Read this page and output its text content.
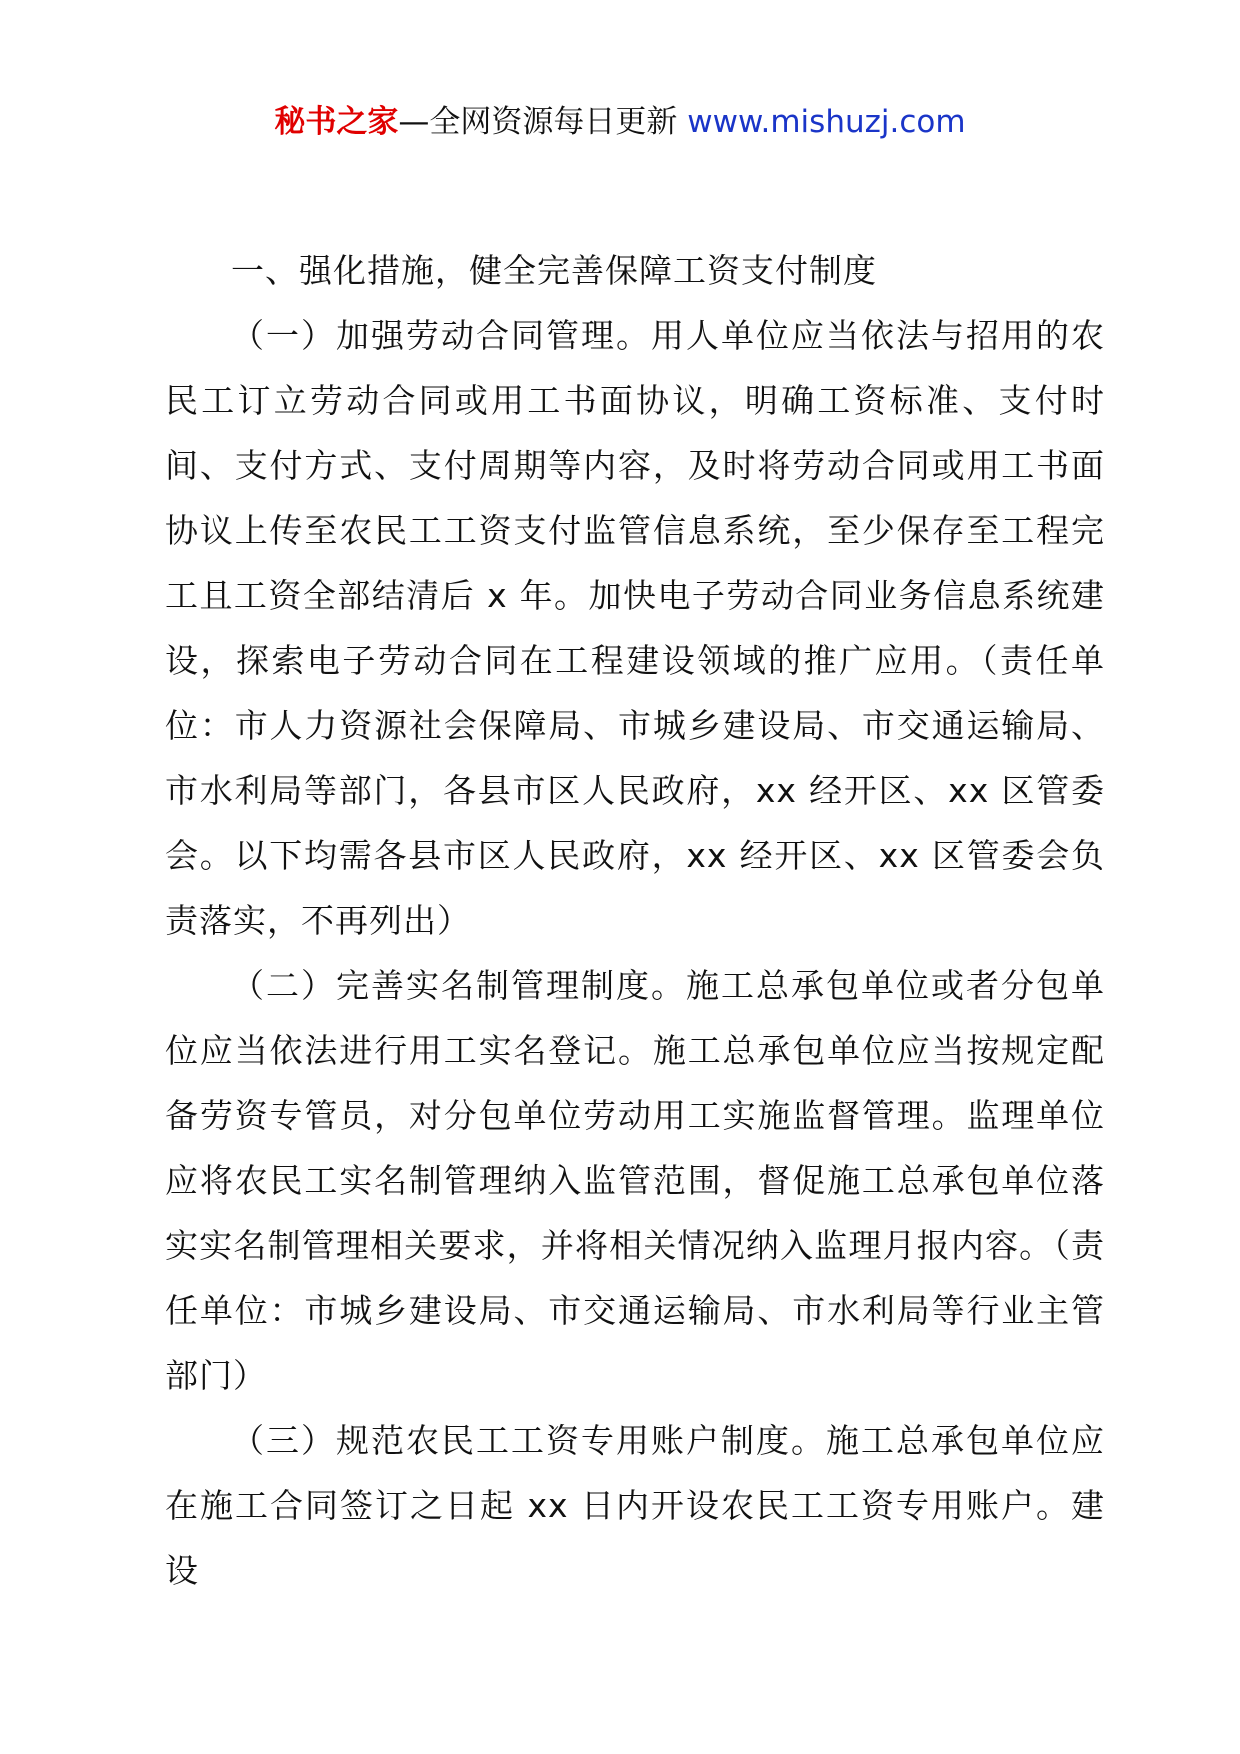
秘书之家—全网资源每日更新 www.mishuzj.com

一、强化措施，健全完善保障工资支付制度

（一）加强劳动合同管理。用人单位应当依法与招用的农民工订立劳动合同或用工书面协议，明确工资标准、支付时间、支付方式、支付周期等内容，及时将劳动合同或用工书面协议上传至农民工工资支付监管信息系统，至少保存至工程完工且工资全部结清后 x 年。加快电子劳动合同业务信息系统建设，探索电子劳动合同在工程建设领域的推广应用。（责任单位：市人力资源社会保障局、市城乡建设局、市交通运输局、市水利局等部门，各县市区人民政府，xx 经开区、xx 区管委会。以下均需各县市区人民政府，xx 经开区、xx 区管委会负责落实，不再列出）

（二）完善实名制管理制度。施工总承包单位或者分包单位应当依法进行用工实名登记。施工总承包单位应当按规定配备劳资专管员，对分包单位劳动用工实施监督管理。监理单位应将农民工实名制管理纳入监管范围，督促施工总承包单位落实实名制管理相关要求，并将相关情况纳入监理月报内容。（责任单位：市城乡建设局、市交通运输局、市水利局等行业主管部门）

（三）规范农民工工资专用账户制度。施工总承包单位应在施工合同签订之日起 xx 日内开设农民工工资专用账户。建设
